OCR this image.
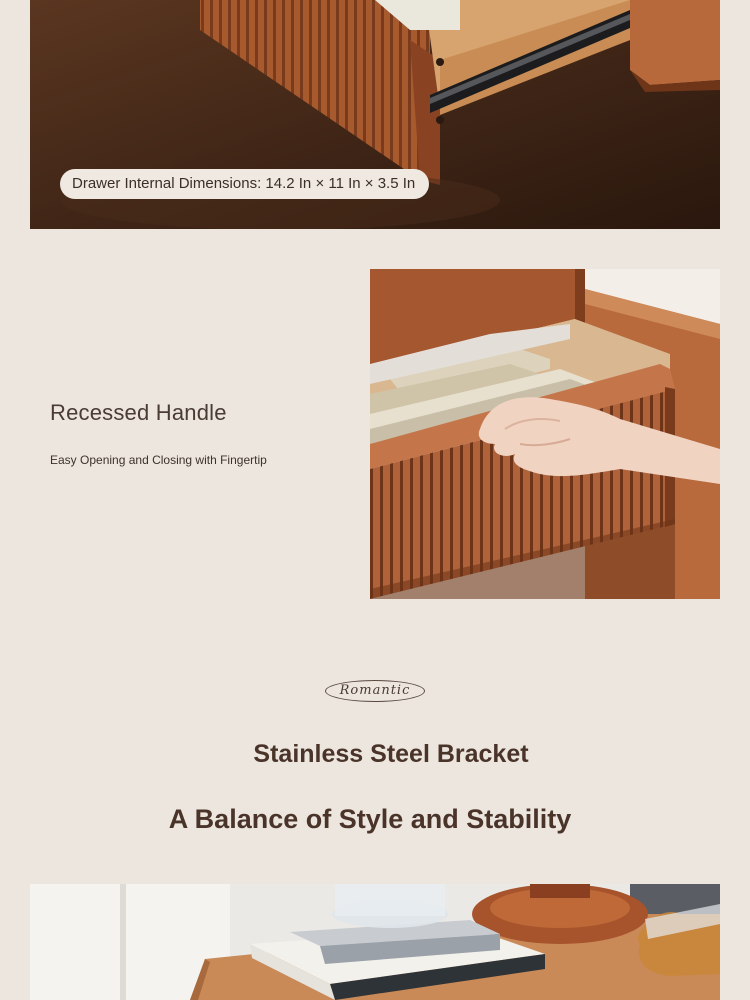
Drawer Internal Dimensions: 14.2 In × 11 In × 3.5 In
Recessed Handle

Easy Opening and Closing with Fingertip

Romantic
Stainless Steel Bracket
A Balance of Style and Stability
